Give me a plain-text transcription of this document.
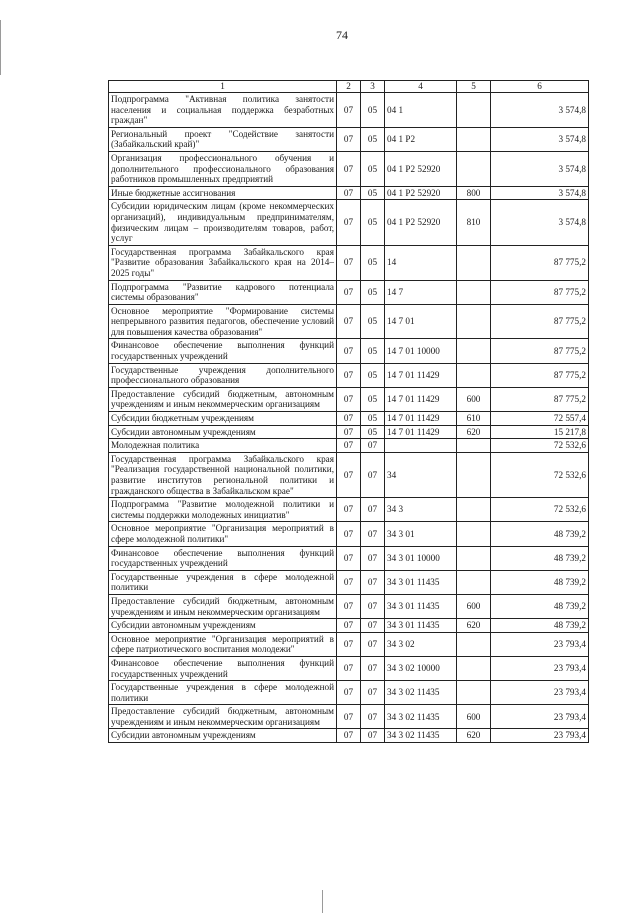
74
1	2	3	4	5	6
Подпрограмма "Активная политика занятости населения и социальная поддержка безработных граждан"	07	05	04 1		3 574,8
Региональный проект "Содействие занятости (Забайкальский край)"	07	05	04 1 P2		3 574,8
Организация профессионального обучения и дополнительного профессионального образования работников промышленных предприятий	07	05	04 1 P2 52920		3 574,8
Иные бюджетные ассигнования	07	05	04 1 P2 52920	800	3 574,8
Субсидии юридическим лицам (кроме некоммерческих организаций), индивидуальным предпринимателям, физическим лицам – производителям товаров, работ, услуг	07	05	04 1 P2 52920	810	3 574,8
Государственная программа Забайкальского края "Развитие образования Забайкальского края на 2014–2025 годы"	07	05	14		87 775,2
Подпрограмма "Развитие кадрового потенциала системы образования"	07	05	14 7		87 775,2
Основное мероприятие "Формирование системы непрерывного развития педагогов, обеспечение условий для повышения качества образования"	07	05	14 7 01		87 775,2
Финансовое обеспечение выполнения функций государственных учреждений	07	05	14 7 01 10000		87 775,2
Государственные учреждения дополнительного профессионального образования	07	05	14 7 01 11429		87 775,2
Предоставление субсидий бюджетным, автономным учреждениям и иным некоммерческим организациям	07	05	14 7 01 11429	600	87 775,2
Субсидии бюджетным учреждениям	07	05	14 7 01 11429	610	72 557,4
Субсидии автономным учреждениям	07	05	14 7 01 11429	620	15 217,8
Молодежная политика	07	07			72 532,6
Государственная программа Забайкальского края "Реализация государственной национальной политики, развитие институтов региональной политики и гражданского общества в Забайкальском крае"	07	07	34		72 532,6
Подпрограмма "Развитие молодежной политики и системы поддержки молодежных инициатив"	07	07	34 3		72 532,6
Основное мероприятие "Организация мероприятий в сфере молодежной политики"	07	07	34 3 01		48 739,2
Финансовое обеспечение выполнения функций государственных учреждений	07	07	34 3 01 10000		48 739,2
Государственные учреждения в сфере молодежной политики	07	07	34 3 01 11435		48 739,2
Предоставление субсидий бюджетным, автономным учреждениям и иным некоммерческим организациям	07	07	34 3 01 11435	600	48 739,2
Субсидии автономным учреждениям	07	07	34 3 01 11435	620	48 739,2
Основное мероприятие "Организация мероприятий в сфере патриотического воспитания молодежи"	07	07	34 3 02		23 793,4
Финансовое обеспечение выполнения функций государственных учреждений	07	07	34 3 02 10000		23 793,4
Государственные учреждения в сфере молодежной политики	07	07	34 3 02 11435		23 793,4
Предоставление субсидий бюджетным, автономным учреждениям и иным некоммерческим организациям	07	07	34 3 02 11435	600	23 793,4
Субсидии автономным учреждениям	07	07	34 3 02 11435	620	23 793,4
